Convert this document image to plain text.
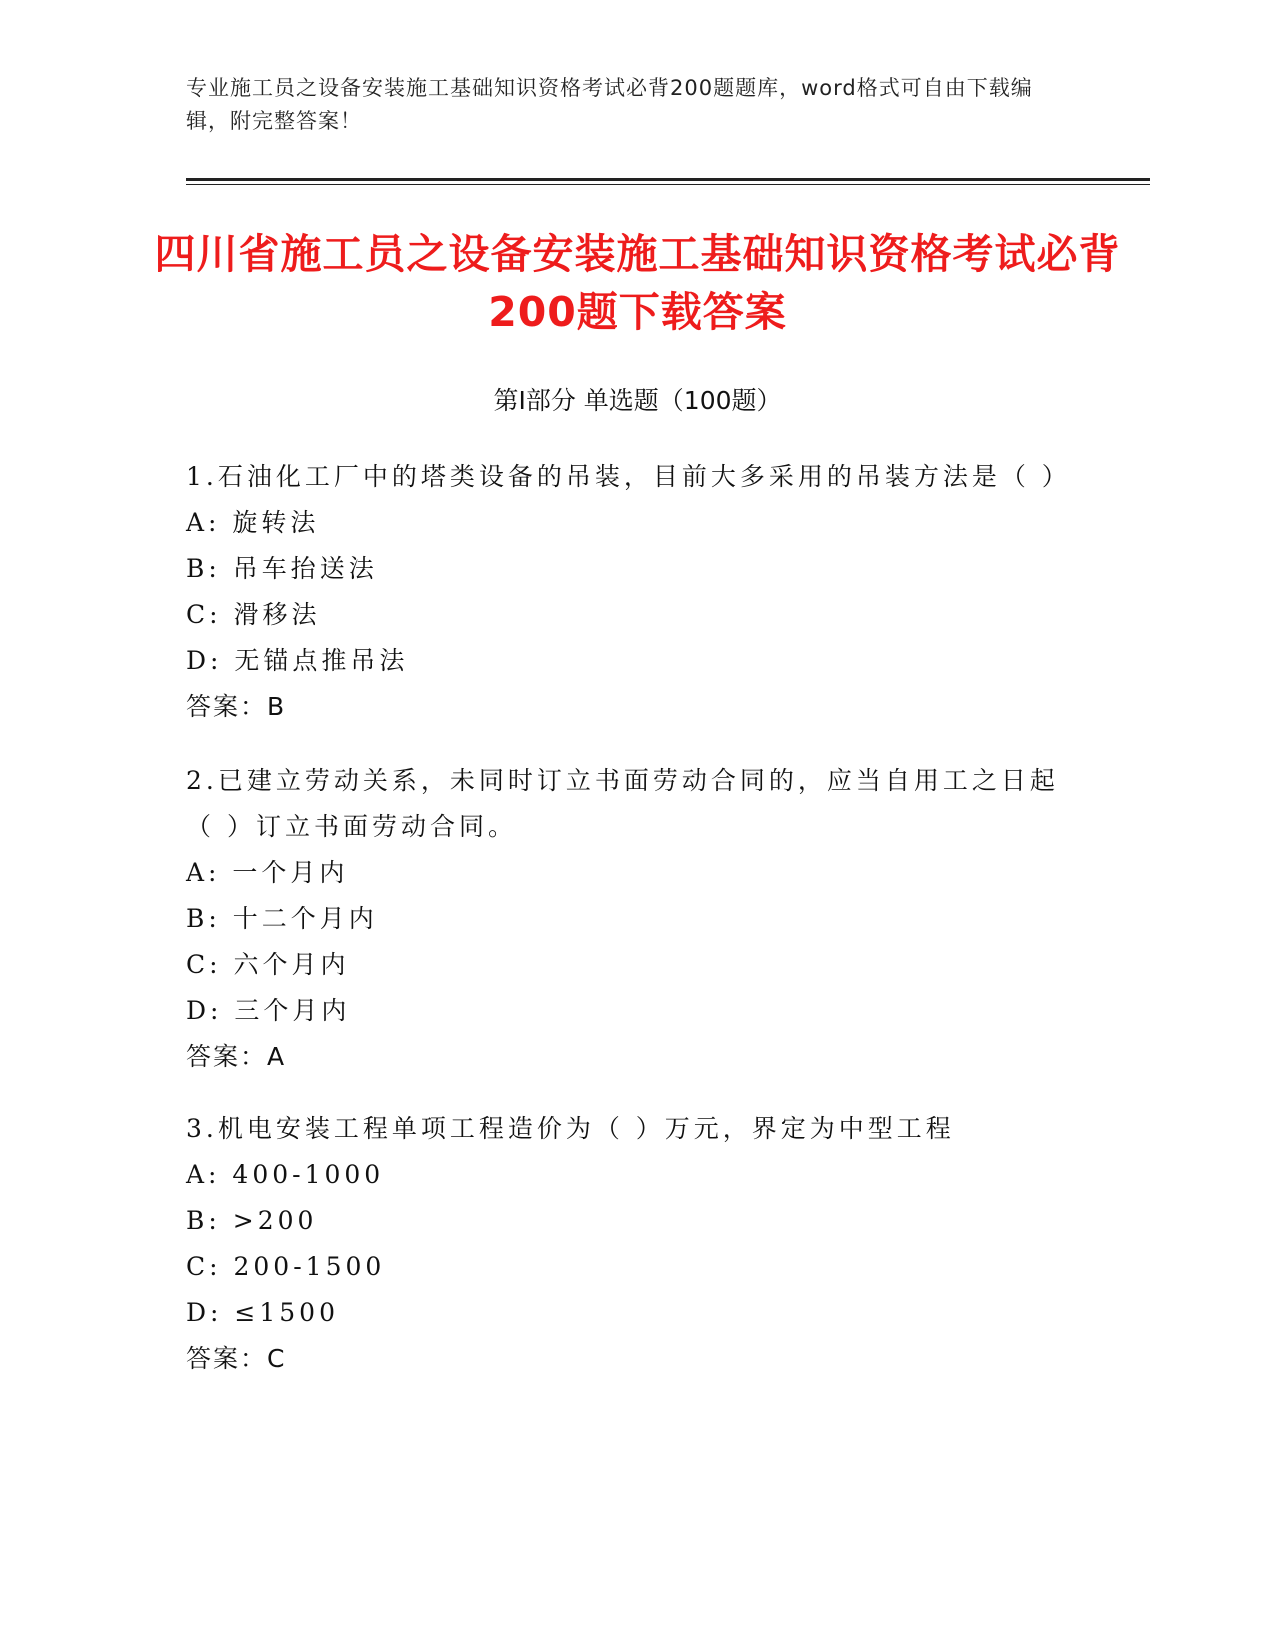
专业施工员之设备安装施工基础知识资格考试必背200题题库，word格式可自由下载编辑，附完整答案！
四川省施工员之设备安装施工基础知识资格考试必背200题下载答案
第Ⅰ部分 单选题（100题）
1.石油化工厂中的塔类设备的吊装，目前大多采用的吊装方法是（ ）
A: 旋转法
B: 吊车抬送法
C: 滑移法
D: 无锚点推吊法
答案：B
2.已建立劳动关系，未同时订立书面劳动合同的，应当自用工之日起（ ）订立书面劳动合同。
A: 一个月内
B: 十二个月内
C: 六个月内
D: 三个月内
答案：A
3.机电安装工程单项工程造价为（ ）万元，界定为中型工程
A: 400-1000
B: >200
C: 200-1500
D: ≤1500
答案：C
